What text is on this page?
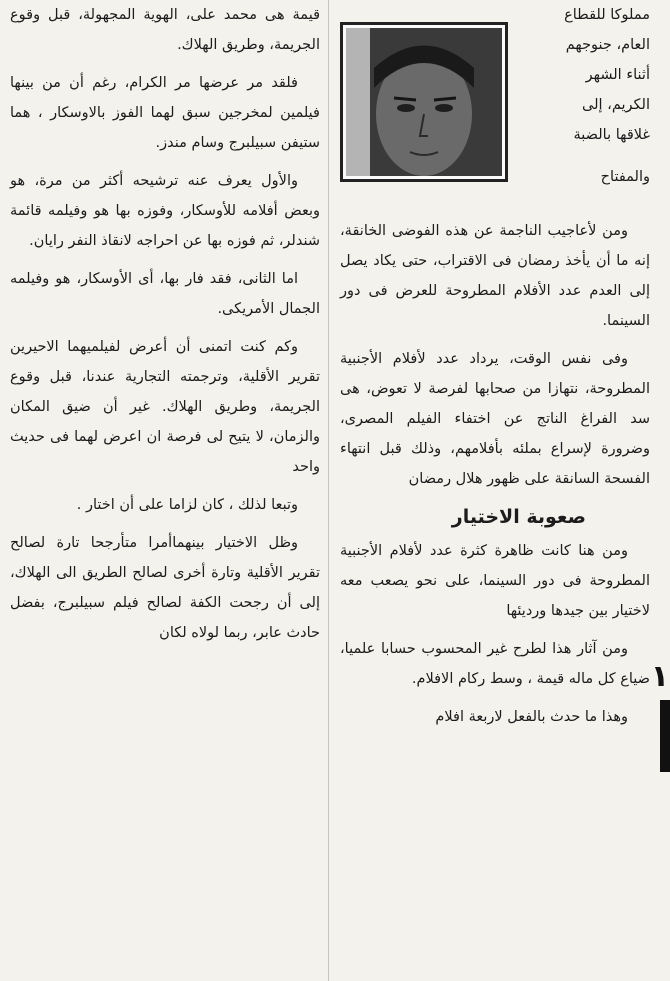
قيمة هى محمد على، الهوية المجهولة، قبل وقوع الجريمة، وطريق الهلاك.

فلقد مر عرضها مر الكرام، رغم أن من بينها فيلمين لمخرجين سبق لهما الفوز بالاوسكار ، هما ستيفن سبيلبرج وسام مندز.

والأول يعرف عنه ترشيحه أكثر من مرة، هو وبعض أفلامه للأوسكار، وفوزه بها هو وفيلمه قائمة شندلر، ثم فوزه بها عن احراجه لانقاذ النفر رايان.

اما الثانى، فقد فار بها، أى الأوسكار، هو وفيلمه الجمال الأمريكى.

وكم كنت اتمنى أن أعرض لفيلميهما الاحيرين تقرير الأقلية، وترجمته التجارية عندنا، قبل وقوع الجريمة، وطريق الهلاك. غير أن ضيق المكان والزمان، لا يتيح لى فرصة ان اعرض لهما فى حديث واحد

وتبعا لذلك ، كان لزاما على أن اختار .

وظل الاختيار بينهماأمرا متأرجحا تارة لصالح تقرير الأقلية وتارة أخرى لصالح الطريق الى الهلاك، إلى أن رجحت الكفة لصالح فيلم سبيلبرج، بفضل حادث عابر، ربما لولاه لكان

مملوكا للقطاع
العام، جنوجهم
أثناء الشهر
الكريم، إلى
غلاقها بالضبة
والمفتاح

ومن لأعاجيب الناجمة عن هذه الفوضى الخانقة، إنه ما أن يأخذ رمضان فى الاقتراب، حتى يكاد يصل إلى العدم عدد الأفلام المطروحة للعرض فى دور السينما.

وفى نفس الوقت، يرداد عدد لأفلام الأجنبية المطروحة، نتهازا من صحابها لفرصة لا تعوض، هى سد الفراغ الناتج عن اختفاء الفيلم المصرى، وضرورة لإسراع بملئه بأفلامهم، وذلك قبل انتهاء الفسحة السانقة على ظهور هلال رمضان

صعوبة الاختيار

ومن هنا كانت ظاهرة كثرة عدد لأفلام الأجنبية المطروحة فى دور السينما، على نحو يصعب معه لاختيار بين جيدها ورديئها

ومن آثار هذا لطرح غير المحسوب حسابا علميا، ضياع كل ماله قيمة ، وسط ركام الافلام.

وهذا ما حدث بالفعل لاربعة افلام

١
